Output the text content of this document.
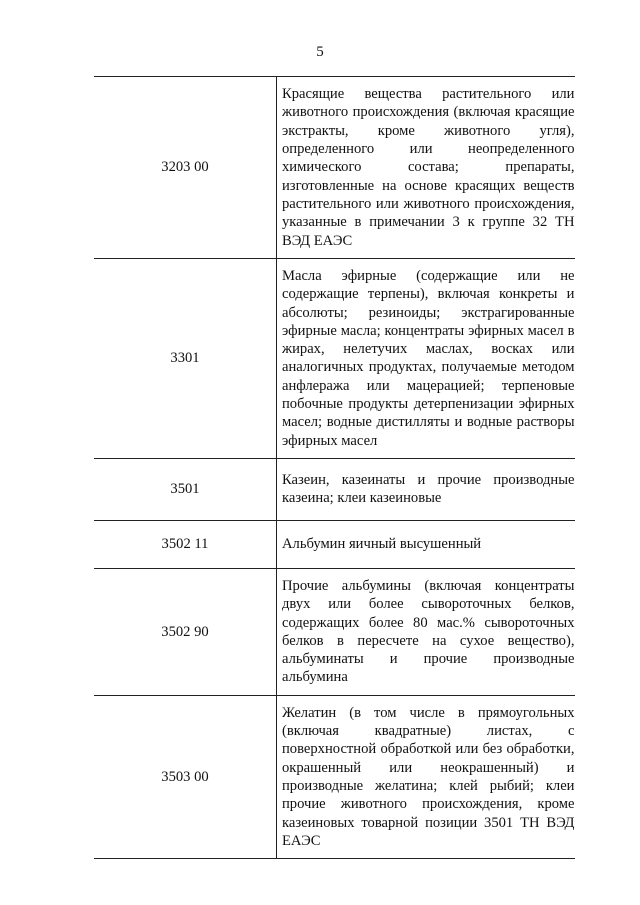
5
3203 00	Красящие вещества растительного или животного происхождения (включая красящие экстракты, кроме животного угля), определенного или неопределенного химического состава; препараты, изготовленные на основе красящих веществ растительного или животного происхождения, указанные в примечании 3 к группе 32 ТН ВЭД ЕАЭС
3301	Масла эфирные (содержащие или не содержащие терпены), включая конкреты и абсолюты; резиноиды; экстрагированные эфирные масла; концентраты эфирных масел в жирах, нелетучих маслах, восках или аналогичных продуктах, получаемые методом анфлеража или мацерацией; терпеновые побочные продукты детерпенизации эфирных масел; водные дистилляты и водные растворы эфирных масел
3501	Казеин, казеинаты и прочие производные казеина; клеи казеиновые
3502 11	Альбумин яичный высушенный
3502 90	Прочие альбумины (включая концентраты двух или более сывороточных белков, содержащих более 80 мас.% сывороточных белков в пересчете на сухое вещество), альбуминаты и прочие производные альбумина
3503 00	Желатин (в том числе в прямоугольных (включая квадратные) листах, с поверхностной обработкой или без обработки, окрашенный или неокрашенный) и производные желатина; клей рыбий; клеи прочие животного происхождения, кроме казеиновых товарной позиции 3501 ТН ВЭД ЕАЭС
